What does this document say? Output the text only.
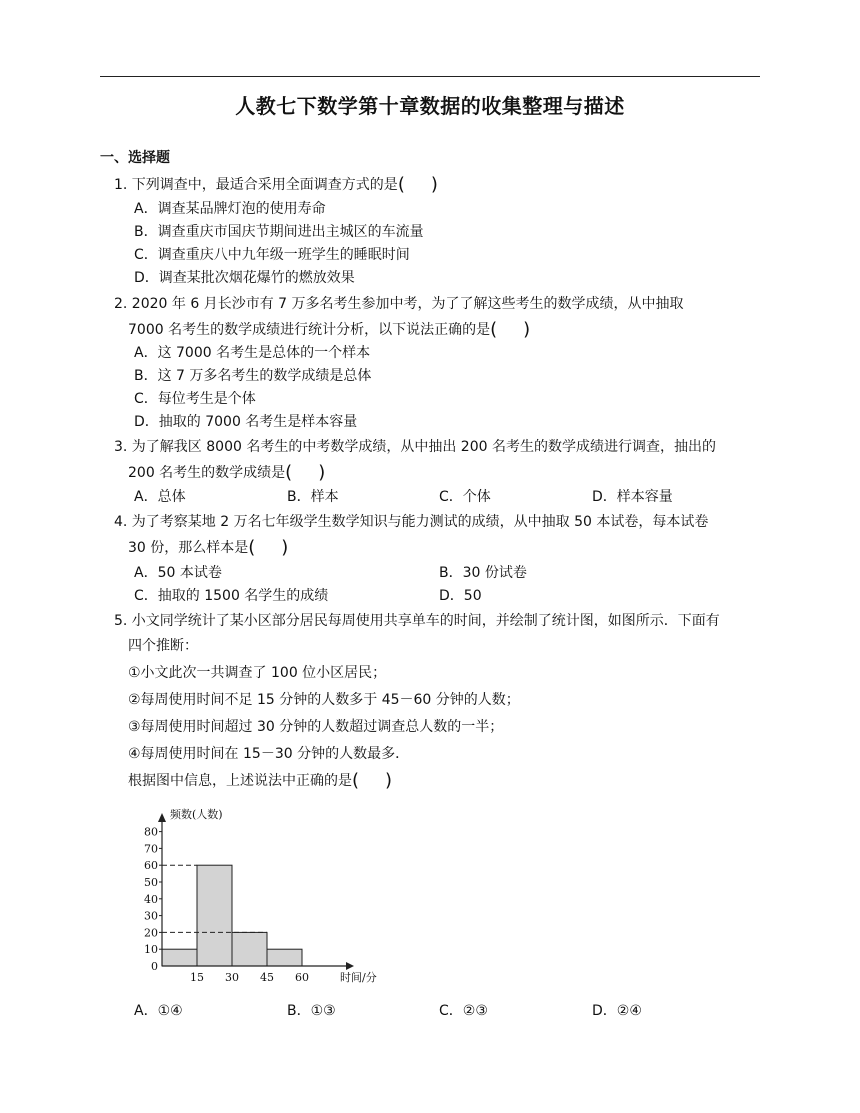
人教七下数学第十章数据的收集整理与描述
一、选择题
1. 下列调查中，最适合采用全面调查方式的是( )
A．调查某品牌灯泡的使用寿命
B．调查重庆市国庆节期间进出主城区的车流量
C．调查重庆八中九年级一班学生的睡眠时间
D．调查某批次烟花爆竹的燃放效果
2. 2020 年 6 月长沙市有 7 万多名考生参加中考，为了了解这些考生的数学成绩，从中抽取
7000 名考生的数学成绩进行统计分析，以下说法正确的是( )
A．这 7000 名考生是总体的一个样本
B．这 7 万多名考生的数学成绩是总体
C．每位考生是个体
D．抽取的 7000 名考生是样本容量
3. 为了解我区 8000 名考生的中考数学成绩，从中抽出 200 名考生的数学成绩进行调查，抽出的
200 名考生的数学成绩是( )
A．总体	B．样本	C．个体	D．样本容量
4. 为了考察某地 2 万名七年级学生数学知识与能力测试的成绩，从中抽取 50 本试卷，每本试卷
30 份，那么样本是( )
A．50 本试卷	B．30 份试卷
C．抽取的 1500 名学生的成绩	D．50
5. 小文同学统计了某小区部分居民每周使用共享单车的时间，并绘制了统计图，如图所示．下面有
四个推断：
①小文此次一共调查了 100 位小区居民；
②每周使用时间不足 15 分钟的人数多于 45－60 分钟的人数；
③每周使用时间超过 30 分钟的人数超过调查总人数的一半；
④每周使用时间在 15－30 分钟的人数最多．
根据图中信息，上述说法中正确的是( )
0
10
20
30
40
50
60
70
80
15 30 45 60
频数(人数)
时间/分
A．①④	B．①③	C．②③	D．②④
